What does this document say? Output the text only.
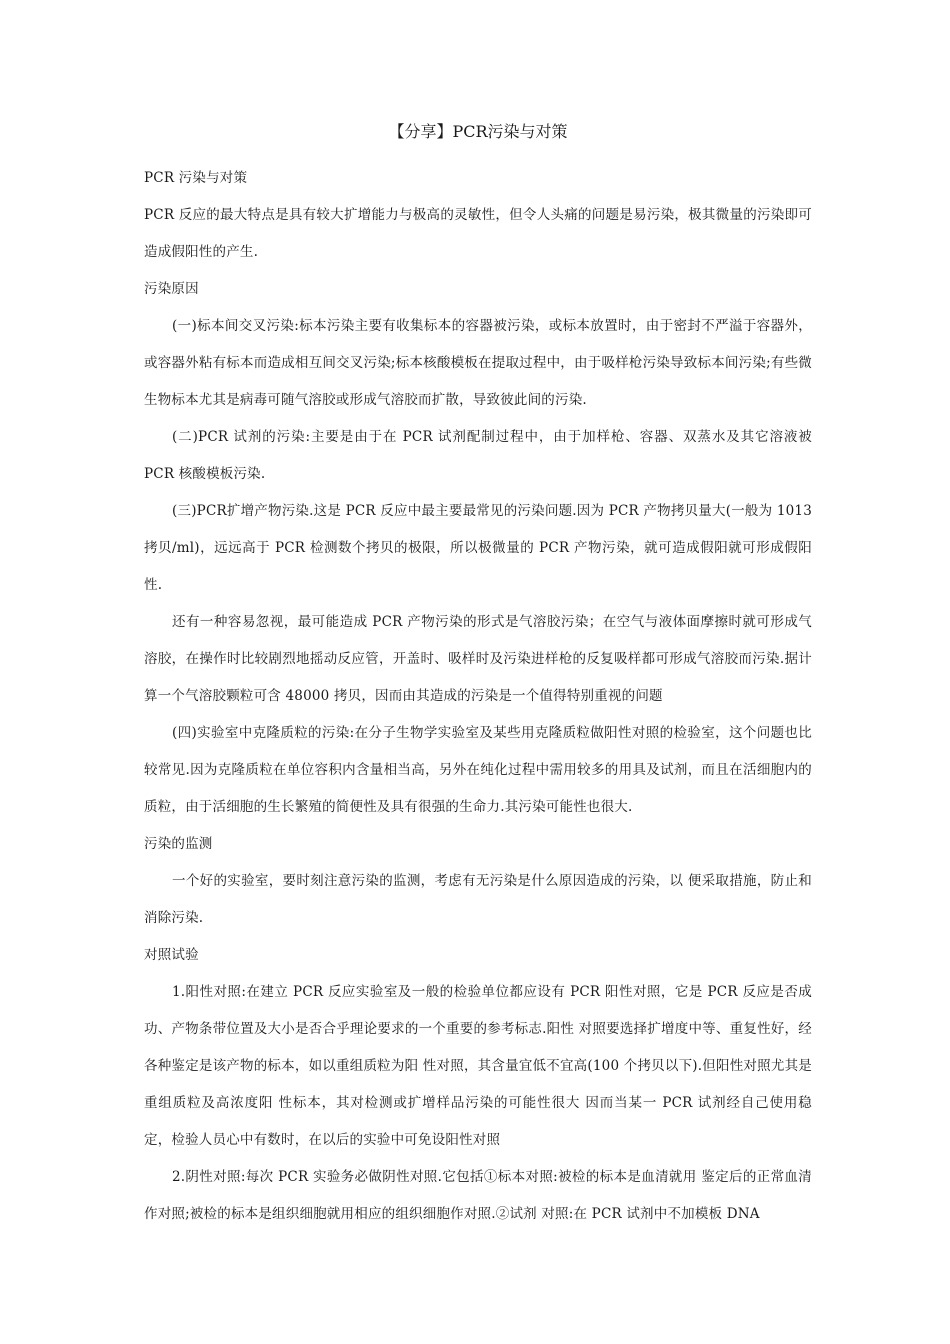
【分享】PCR污染与对策

PCR 污染与对策

PCR 反应的最大特点是具有较大扩增能力与极高的灵敏性，但令人头痛的问题是易污染，极其微量的污染即可造成假阳性的产生.

污染原因

(一)标本间交叉污染:标本污染主要有收集标本的容器被污染，或标本放置时，由于密封不严溢于容器外，或容器外粘有标本而造成相互间交叉污染;标本核酸模板在提取过程中，由于吸样枪污染导致标本间污染;有些微生物标本尤其是病毒可随气溶胶或形成气溶胶而扩散，导致彼此间的污染.

(二)PCR 试剂的污染:主要是由于在 PCR 试剂配制过程中，由于加样枪、容器、双蒸水及其它溶液被 PCR 核酸模板污染.

(三)PCR扩增产物污染.这是 PCR 反应中最主要最常见的污染问题.因为 PCR 产物拷贝量大(一般为 1013 拷贝/ml)，远远高于 PCR 检测数个拷贝的极限，所以极微量的 PCR 产物污染，就可造成假阳就可形成假阳性.

还有一种容易忽视，最可能造成 PCR 产物污染的形式是气溶胶污染；在空气与液体面摩擦时就可形成气溶胶，在操作时比较剧烈地摇动反应管，开盖时、吸样时及污染进样枪的反复吸样都可形成气溶胶而污染.据计算一个气溶胶颗粒可含 48000 拷贝，因而由其造成的污染是一个值得特别重视的问题

(四)实验室中克隆质粒的污染:在分子生物学实验室及某些用克隆质粒做阳性对照的检验室，这个问题也比较常见.因为克隆质粒在单位容积内含量相当高，另外在纯化过程中需用较多的用具及试剂，而且在活细胞内的质粒，由于活细胞的生长繁殖的简便性及具有很强的生命力.其污染可能性也很大.

污染的监测

一个好的实验室，要时刻注意污染的监测，考虑有无污染是什么原因造成的污染，以 便采取措施，防止和消除污染.

对照试验

1.阳性对照:在建立 PCR 反应实验室及一般的检验单位都应设有 PCR 阳性对照，它是 PCR 反应是否成功、产物条带位置及大小是否合乎理论要求的一个重要的参考标志.阳性 对照要选择扩增度中等、重复性好，经各种鉴定是该产物的标本，如以重组质粒为阳 性对照，其含量宜低不宜高(100 个拷贝以下).但阳性对照尤其是重组质粒及高浓度阳 性标本，其对检测或扩增样品污染的可能性很大 因而当某一 PCR 试剂经自己使用稳 定，检验人员心中有数时，在以后的实验中可免设阳性对照

2.阴性对照:每次 PCR 实验务必做阴性对照.它包括①标本对照:被检的标本是血清就用 鉴定后的正常血清作对照;被检的标本是组织细胞就用相应的组织细胞作对照.②试剂 对照:在 PCR 试剂中不加模板 DNA
